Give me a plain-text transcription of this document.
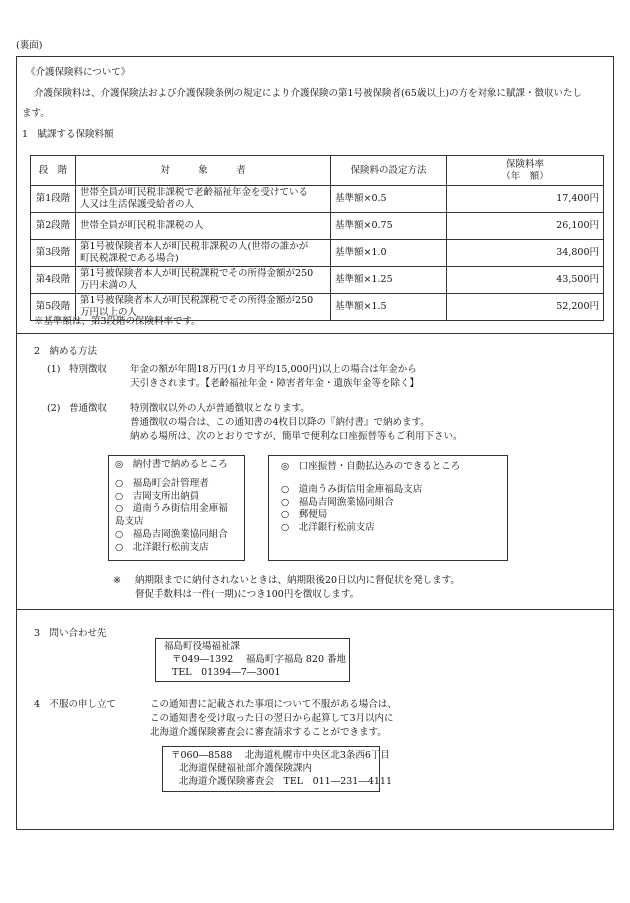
(裏面)
《介護保険料について》
介護保険料は、介護保険法および介護保険条例の規定により介護保険の第1号被保険者(65歳以上)の方を対象に賦課・徴収いたし
ます。
1　賦課する保険料額
段　階	対　　　象　　　者	保険料の設定方法	保険料率
（年　額）

第1段階	世帯全員が町民税非課税で老齢福祉年金を受けている
人又は生活保護受給者の人	基準額×0.5	17,400円
第2段階	世帯全員が町民税非課税の人	基準額×0.75	26,100円
第3段階	第1号被保険者本人が町民税非課税の人(世帯の誰かが
町民税課税である場合)	基準額×1.0	34,800円
第4段階	第1号被保険者本人が町民税課税でその所得金額が250
万円未満の人	基準額×1.25	43,500円
第5段階	第1号被保険者本人が町民税課税でその所得金額が250
万円以上の人	基準額×1.5	52,200円
※基準額は、第3段階の保険料率です。
2　納める方法
(1) 特別徴収 年金の額が年間18万円(1カ月平均15,000円)以上の場合は年金から
天引きされます。【老齢福祉年金・障害者年金・遺族年金等を除く】
(2) 普通徴収 特別徴収以外の人が普通徴収となります。
普通徴収の場合は、この通知書の4枚目以降の『納付書』で納めます。
納める場所は、次のとおりですが、簡単で便利な口座振替等もご利用下さい。
◎　納付書で納めるところ
○　福島町会計管理者
○　吉岡支所出納員
○　道南うみ街信用金庫福
島支店
○　福島吉岡漁業協同組合
○　北洋銀行松前支店
◎　口座振替・自動払込みのできるところ
○　道南うみ街信用金庫福島支店
○　福島吉岡漁業協同組合
○　郵便局
○　北洋銀行松前支店
※ 納期限までに納付されないときは、納期限後20日以内に督促状を発します。
督促手数料は一件(一期)につき100円を徴収します。
3　問い合わせ先
福島町役場福祉課
〒049―1392　 福島町字福島 820 番地
TEL　01394―7―3001
4　不服の申し立て	この通知書に記載された事項について不服がある場合は、
この通知書を受け取った日の翌日から起算して3月以内に
北海道介護保険審査会に審査請求することができます。
〒060―8588　 北海道札幌市中央区北3条西6丁目
北海道保健福祉部介護保険課内
北海道介護保険審査会　TEL　011―231―4111
